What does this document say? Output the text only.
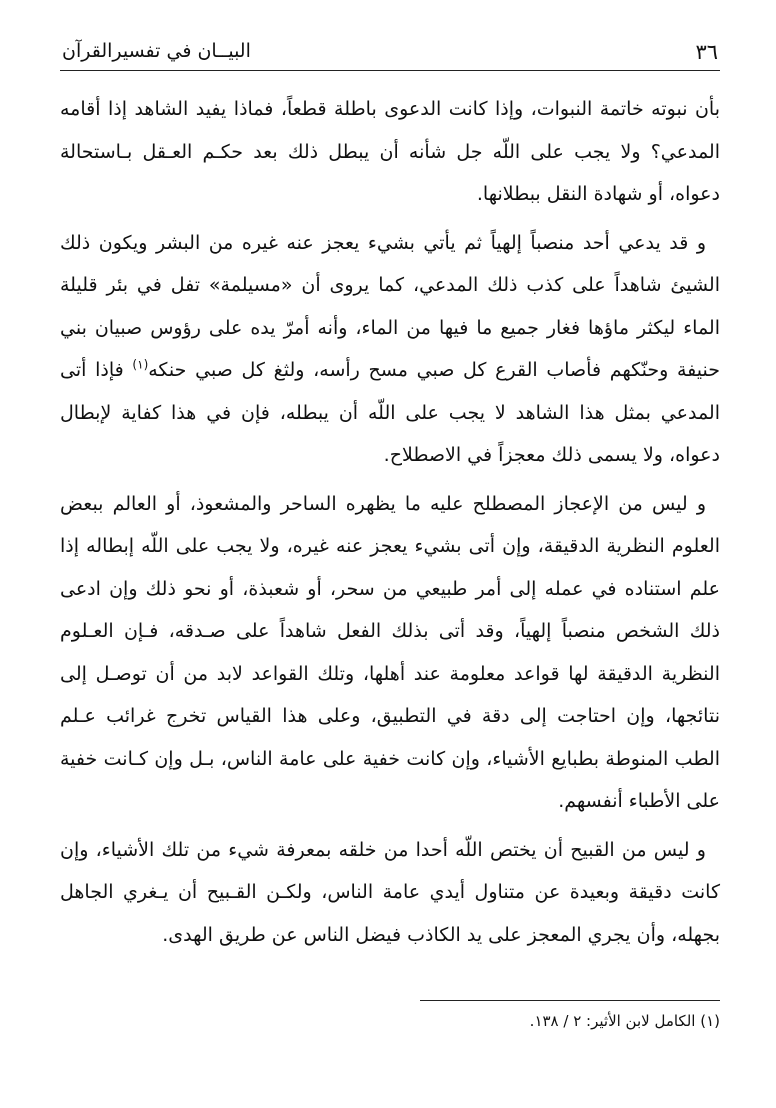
٣٦
البيــان في تفسيرالقرآن

بأن نبوته خاتمة النبوات، وإذا كانت الدعوى باطلة قطعاً، فماذا يفيد الشاهد إذا أقامه المدعي؟ ولا يجب على اللّه جل شأنه أن يبطل ذلك بعد حكـم العـقل بـاستحالة دعواه، أو شهادة النقل ببطلانها.

و قد يدعي أحد منصباً إلهياً ثم يأتي بشيء يعجز عنه غيره من البشر ويكون ذلك الشيئ شاهداً على كذب ذلك المدعي، كما يروى أن «مسيلمة» تفل في بئر قليلة الماء ليكثر ماؤها فغار جميع ما فيها من الماء، وأنه أمرّ يده على رؤوس صبيان بني حنيفة وحنّكهم فأصاب القرع كل صبي مسح رأسه، ولثغ كل صبي حنكه$^{(١)}$ فإذا أتى المدعي بمثل هذا الشاهد لا يجب على اللّه أن يبطله، فإن في هذا كفاية لإبطال دعواه، ولا يسمى ذلك معجزاً في الاصطلاح.

و ليس من الإعجاز المصطلح عليه ما يظهره الساحر والمشعوذ، أو العالم ببعض العلوم النظرية الدقيقة، وإن أتى بشيء يعجز عنه غيره، ولا يجب على اللّه إبطاله إذا علم استناده في عمله إلى أمر طبيعي من سحر، أو شعبذة، أو نحو ذلك وإن ادعى ذلك الشخص منصباً إلهياً، وقد أتى بذلك الفعل شاهداً على صـدقه، فـإن العـلوم النظرية الدقيقة لها قواعد معلومة عند أهلها، وتلك القواعد لابد من أن توصـل إلى نتائجها، وإن احتاجت إلى دقة في التطبيق، وعلى هذا القياس تخرج غرائب عـلم الطب المنوطة بطبايع الأشياء، وإن كانت خفية على عامة الناس، بـل وإن كـانت خفية على الأطباء أنفسهم.

و ليس من القبيح أن يختص اللّه أحدا من خلقه بمعرفة شيء من تلك الأشياء، وإن كانت دقيقة وبعيدة عن متناول أيدي عامة الناس، ولكـن القـبيح أن يـغري الجاهل بجهله، وأن يجري المعجز على يد الكاذب فيضل الناس عن طريق الهدى.

(١) الكامل لابن الأثير: ٢ / ١٣٨.
